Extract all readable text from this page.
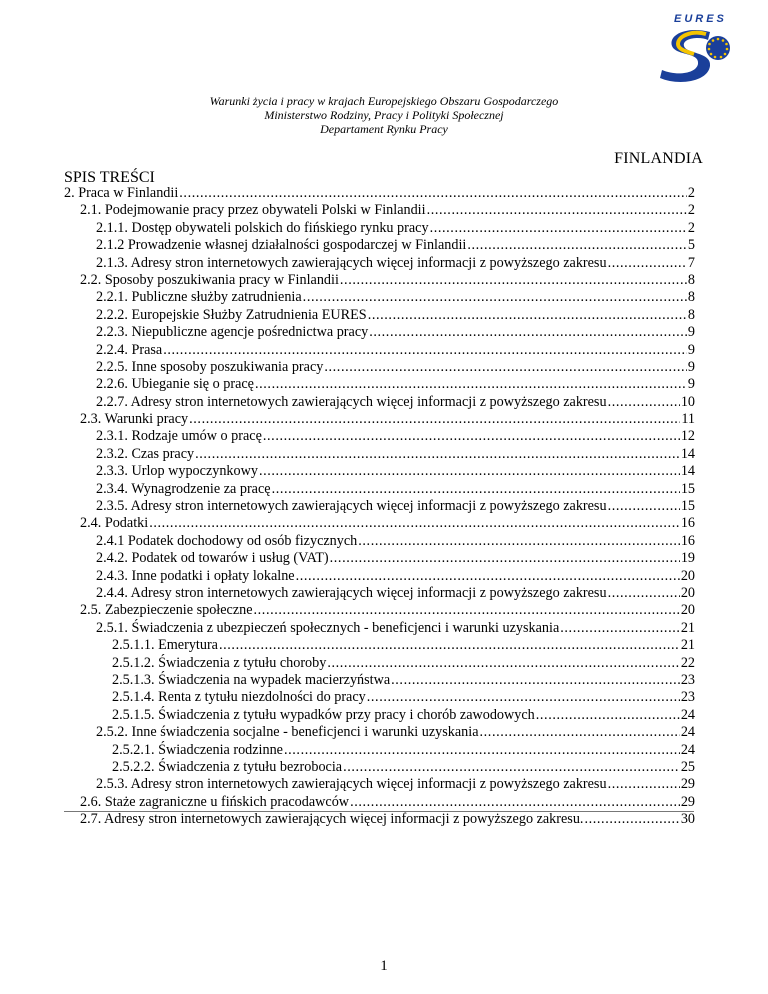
EURES
Warunki życia i pracy w krajach Europejskiego Obszaru Gospodarczego
Ministerstwo Rodziny, Pracy i Polityki Społecznej
Departament Rynku Pracy
FINLANDIA
SPIS TREŚCI
2. Praca w Finlandii .....	2
2.1. Podejmowanie pracy przez obywateli Polski w Finlandii .....	2
2.1.1. Dostęp obywateli polskich do fińskiego rynku pracy .....	2
2.1.2 Prowadzenie własnej działalności gospodarczej w Finlandii .....	5
2.1.3. Adresy stron internetowych zawierających więcej informacji z powyższego zakresu .....	7
2.2. Sposoby poszukiwania pracy w Finlandii .....	8
2.2.1. Publiczne służby zatrudnienia .....	8
2.2.2. Europejskie Służby Zatrudnienia EURES .....	8
2.2.3. Niepubliczne agencje pośrednictwa pracy .....	9
2.2.4. Prasa .....	9
2.2.5. Inne sposoby poszukiwania pracy .....	9
2.2.6. Ubieganie się o pracę .....	9
2.2.7. Adresy stron internetowych zawierających więcej informacji z powyższego zakresu .....	10
2.3. Warunki pracy .....	11
2.3.1. Rodzaje umów o pracę .....	12
2.3.2. Czas pracy .....	14
2.3.3. Urlop wypoczynkowy .....	14
2.3.4. Wynagrodzenie za pracę .....	15
2.3.5. Adresy stron internetowych zawierających więcej informacji z powyższego zakresu .....	15
2.4. Podatki .....	16
2.4.1 Podatek dochodowy od osób fizycznych .....	16
2.4.2. Podatek od towarów i usług (VAT) .....	19
2.4.3. Inne podatki i opłaty lokalne .....	20
2.4.4. Adresy stron internetowych zawierających więcej informacji z powyższego zakresu .....	20
2.5. Zabezpieczenie społeczne .....	20
2.5.1. Świadczenia z ubezpieczeń społecznych - beneficjenci i warunki uzyskania .....	21
2.5.1.1. Emerytura .....	21
2.5.1.2. Świadczenia z tytułu choroby .....	22
2.5.1.3. Świadczenia na wypadek macierzyństwa .....	23
2.5.1.4. Renta z tytułu niezdolności do pracy .....	23
2.5.1.5. Świadczenia z tytułu wypadków przy pracy i chorób zawodowych .....	24
2.5.2. Inne świadczenia socjalne - beneficjenci i warunki uzyskania .....	24
2.5.2.1. Świadczenia rodzinne .....	24
2.5.2.2. Świadczenia z tytułu bezrobocia .....	25
2.5.3. Adresy stron internetowych zawierających więcej informacji z powyższego zakresu .....	29
2.6. Staże zagraniczne u fińskich pracodawców .....	29
2.7. Adresy stron internetowych zawierających więcej informacji z powyższego zakresu. .....	30
1
